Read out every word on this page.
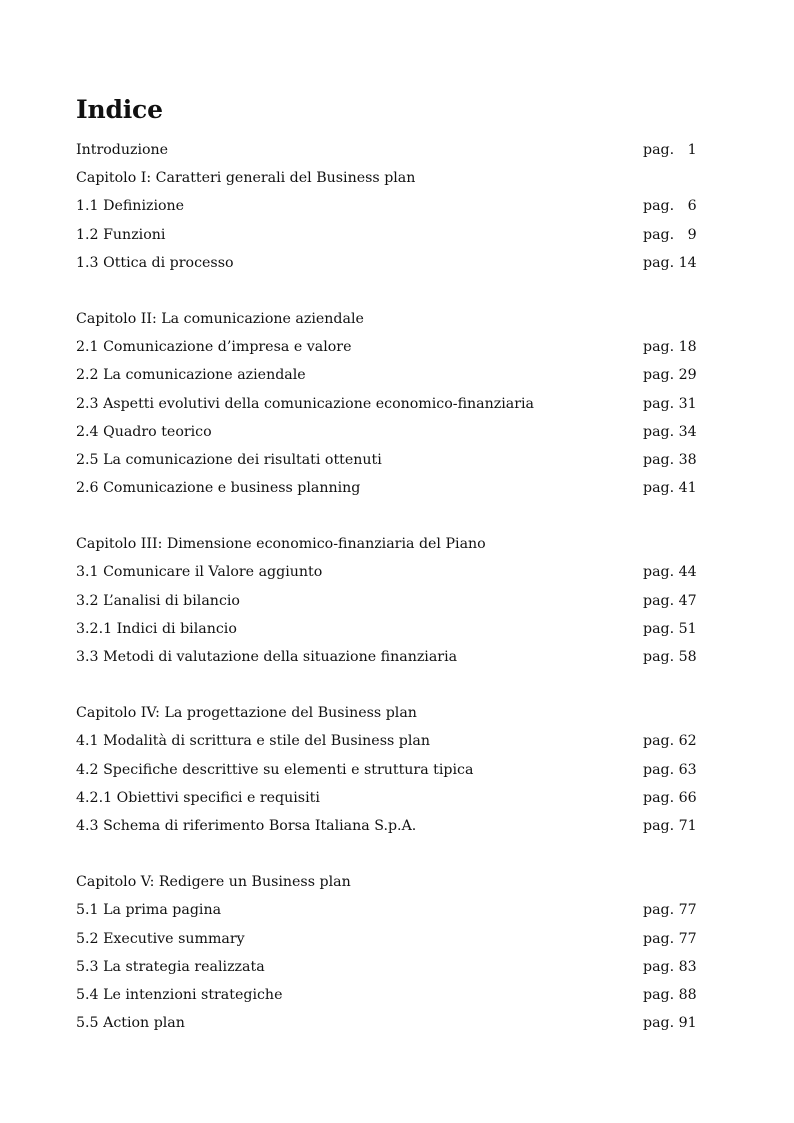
Indice
Introduzione	pag.   1
Capitolo I: Caratteri generali del Business plan
1.1 Definizione	pag.   6
1.2 Funzioni	pag.   9
1.3 Ottica di processo	pag. 14
Capitolo II: La comunicazione aziendale
2.1 Comunicazione d’impresa e valore	pag. 18
2.2 La comunicazione aziendale	pag. 29
2.3 Aspetti evolutivi della comunicazione economico-finanziaria	pag. 31
2.4 Quadro teorico	pag. 34
2.5 La comunicazione dei risultati ottenuti	pag. 38
2.6 Comunicazione e business planning	pag. 41
Capitolo III: Dimensione economico-finanziaria del Piano
3.1 Comunicare il Valore aggiunto	pag. 44
3.2 L’analisi di bilancio	pag. 47
3.2.1 Indici di bilancio	pag. 51
3.3 Metodi di valutazione della situazione finanziaria	pag. 58
Capitolo IV: La progettazione del Business plan
4.1 Modalità di scrittura e stile del Business plan	pag. 62
4.2 Specifiche descrittive su elementi e struttura tipica	pag. 63
4.2.1 Obiettivi specifici e requisiti	pag. 66
4.3 Schema di riferimento Borsa Italiana S.p.A.	pag. 71
Capitolo V: Redigere un Business plan
5.1 La prima pagina	pag. 77
5.2 Executive summary	pag. 77
5.3 La strategia realizzata	pag. 83
5.4 Le intenzioni strategiche	pag. 88
5.5 Action plan	pag. 91
